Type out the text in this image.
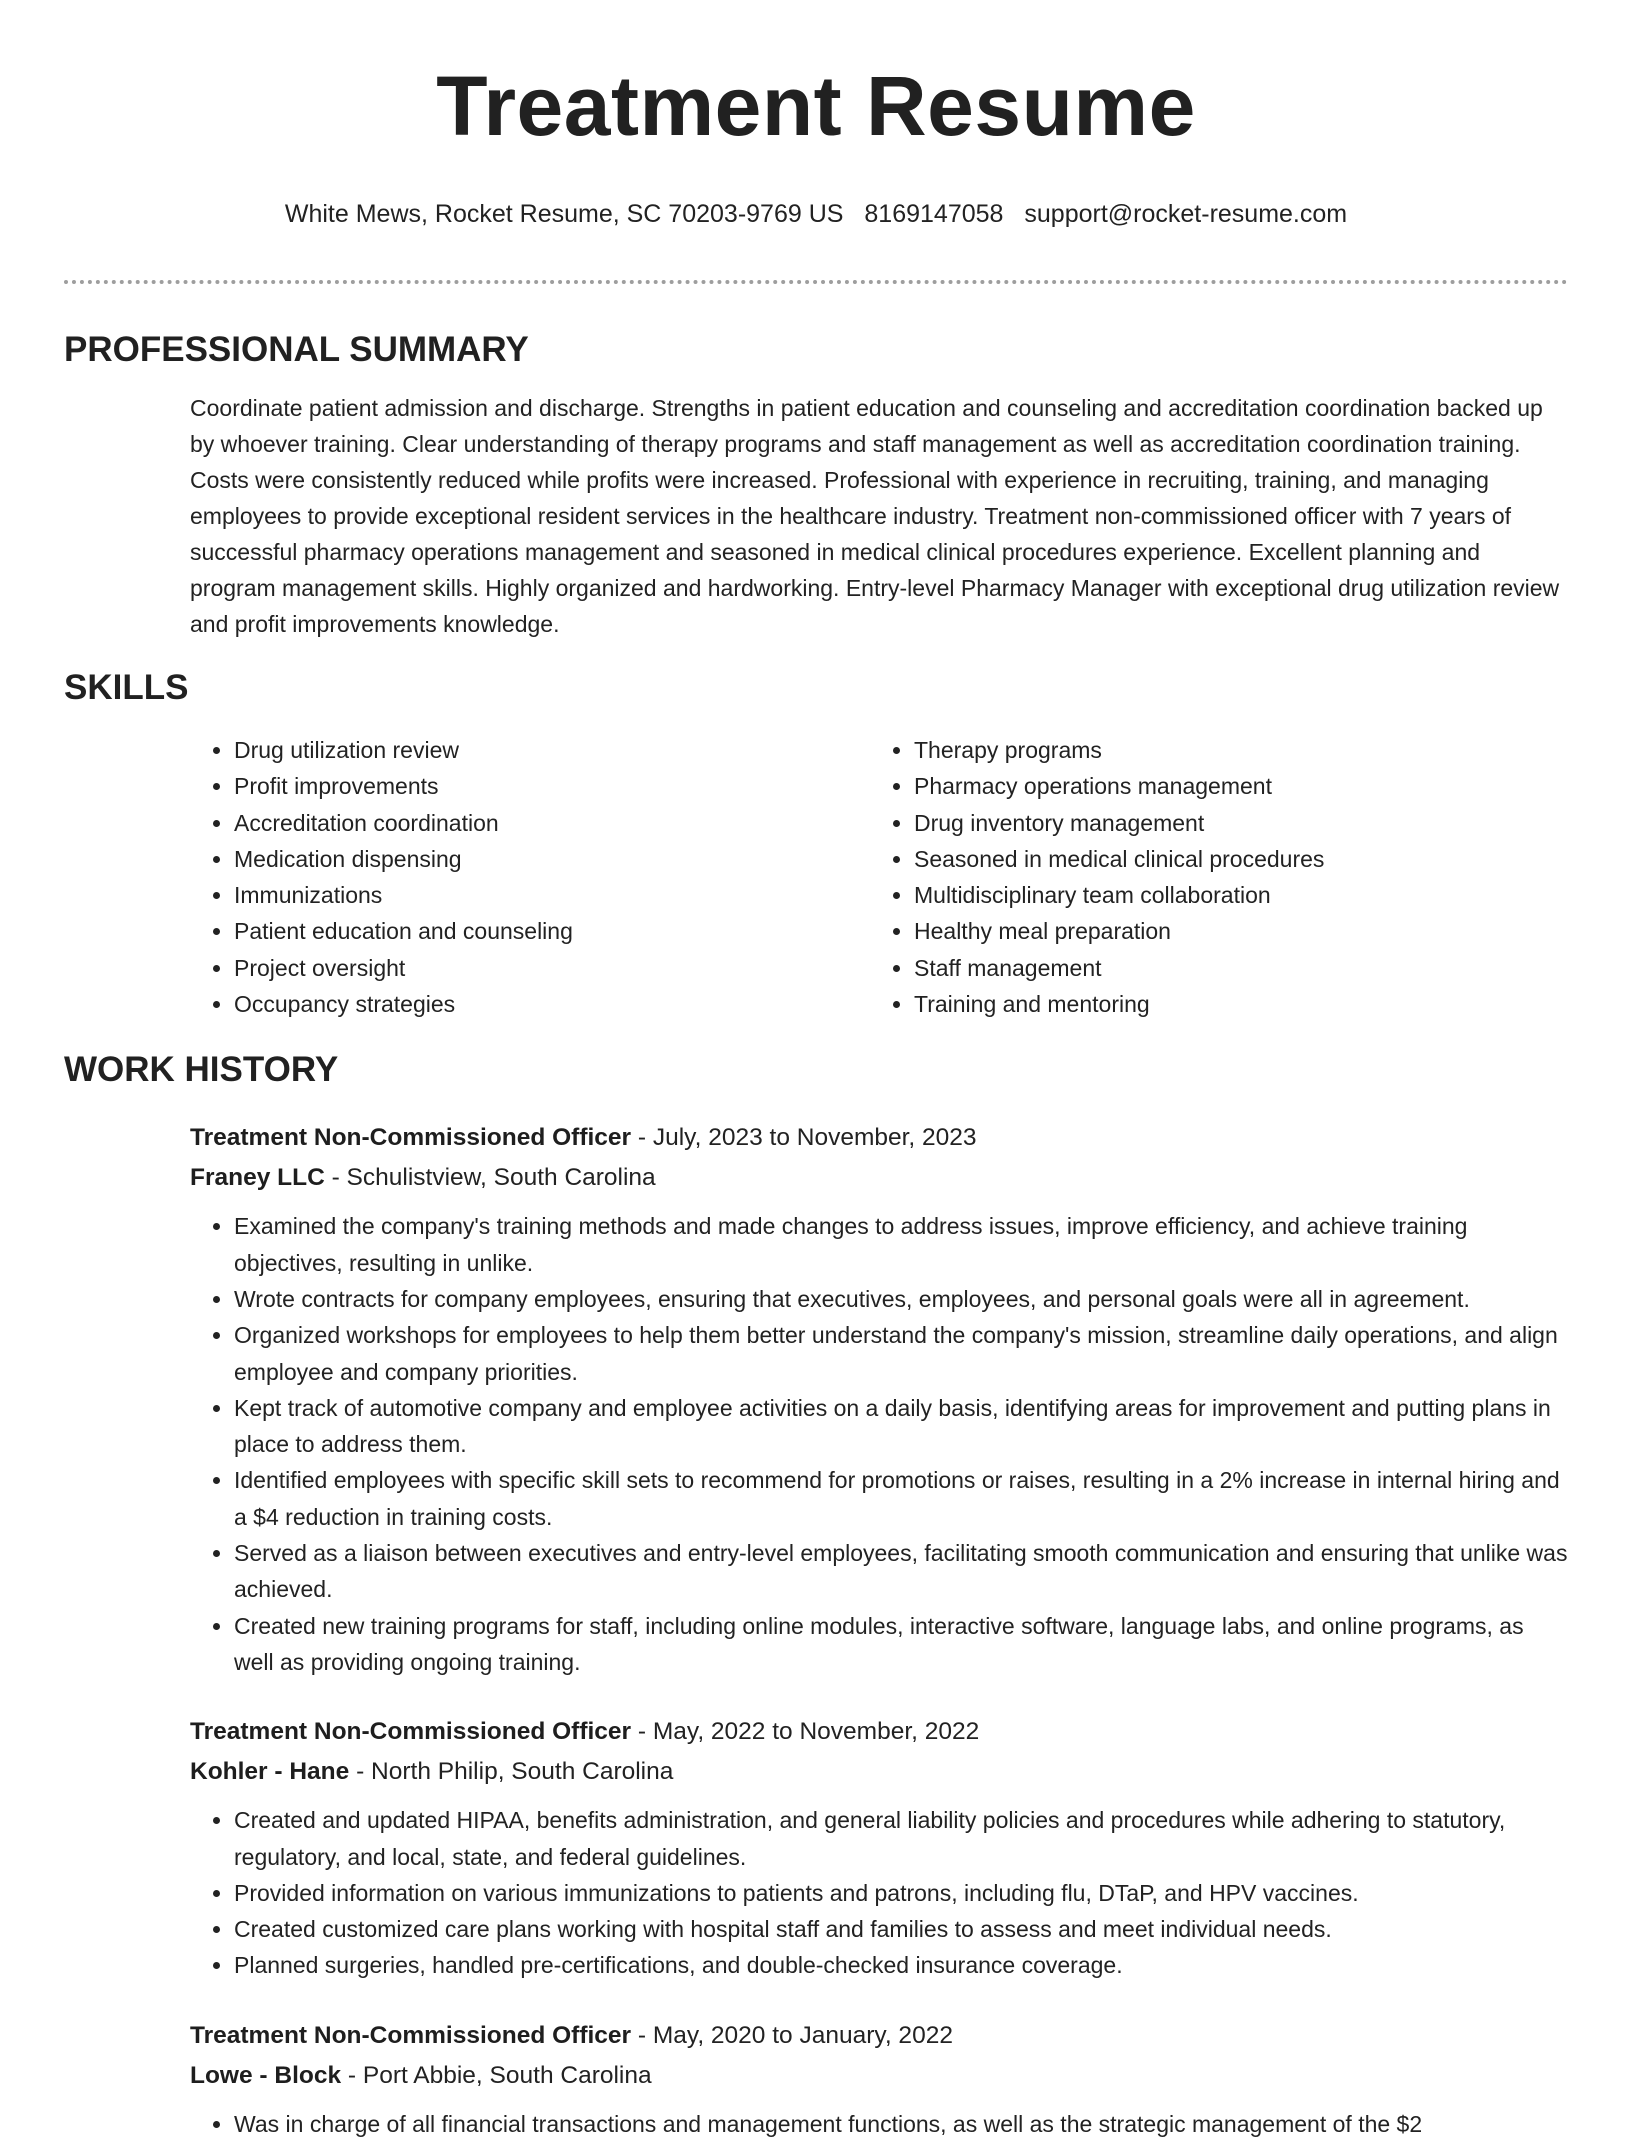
Treatment Resume
White Mews, Rocket Resume, SC 70203-9769 US 8169147058 support@rocket-resume.com
PROFESSIONAL SUMMARY

Coordinate patient admission and discharge. Strengths in patient education and counseling and accreditation coordination backed up by whoever training. Clear understanding of therapy programs and staff management as well as accreditation coordination training. Costs were consistently reduced while profits were increased. Professional with experience in recruiting, training, and managing employees to provide exceptional resident services in the healthcare industry. Treatment non-commissioned officer with 7 years of successful pharmacy operations management and seasoned in medical clinical procedures experience. Excellent planning and program management skills. Highly organized and hardworking. Entry-level Pharmacy Manager with exceptional drug utilization review and profit improvements knowledge.

SKILLS
• Drug utilization review
• Profit improvements
• Accreditation coordination
• Medication dispensing
• Immunizations
• Patient education and counseling
• Project oversight
• Occupancy strategies
• Therapy programs
• Pharmacy operations management
• Drug inventory management
• Seasoned in medical clinical procedures
• Multidisciplinary team collaboration
• Healthy meal preparation
• Staff management
• Training and mentoring
WORK HISTORY
Treatment Non-Commissioned Officer - July, 2023 to November, 2023
Franey LLC - Schulistview, South Carolina
• Examined the company's training methods and made changes to address issues, improve efficiency, and achieve training objectives, resulting in unlike.
• Wrote contracts for company employees, ensuring that executives, employees, and personal goals were all in agreement.
• Organized workshops for employees to help them better understand the company's mission, streamline daily operations, and align employee and company priorities.
• Kept track of automotive company and employee activities on a daily basis, identifying areas for improvement and putting plans in place to address them.
• Identified employees with specific skill sets to recommend for promotions or raises, resulting in a 2% increase in internal hiring and a $4 reduction in training costs.
• Served as a liaison between executives and entry-level employees, facilitating smooth communication and ensuring that unlike was achieved.
• Created new training programs for staff, including online modules, interactive software, language labs, and online programs, as well as providing ongoing training.
Treatment Non-Commissioned Officer - May, 2022 to November, 2022
Kohler - Hane - North Philip, South Carolina
• Created and updated HIPAA, benefits administration, and general liability policies and procedures while adhering to statutory, regulatory, and local, state, and federal guidelines.
• Provided information on various immunizations to patients and patrons, including flu, DTaP, and HPV vaccines.
• Created customized care plans working with hospital staff and families to assess and meet individual needs.
• Planned surgeries, handled pre-certifications, and double-checked insurance coverage.
Treatment Non-Commissioned Officer - May, 2020 to January, 2022
Lowe - Block - Port Abbie, South Carolina
• Was in charge of all financial transactions and management functions, as well as the strategic management of the $2
